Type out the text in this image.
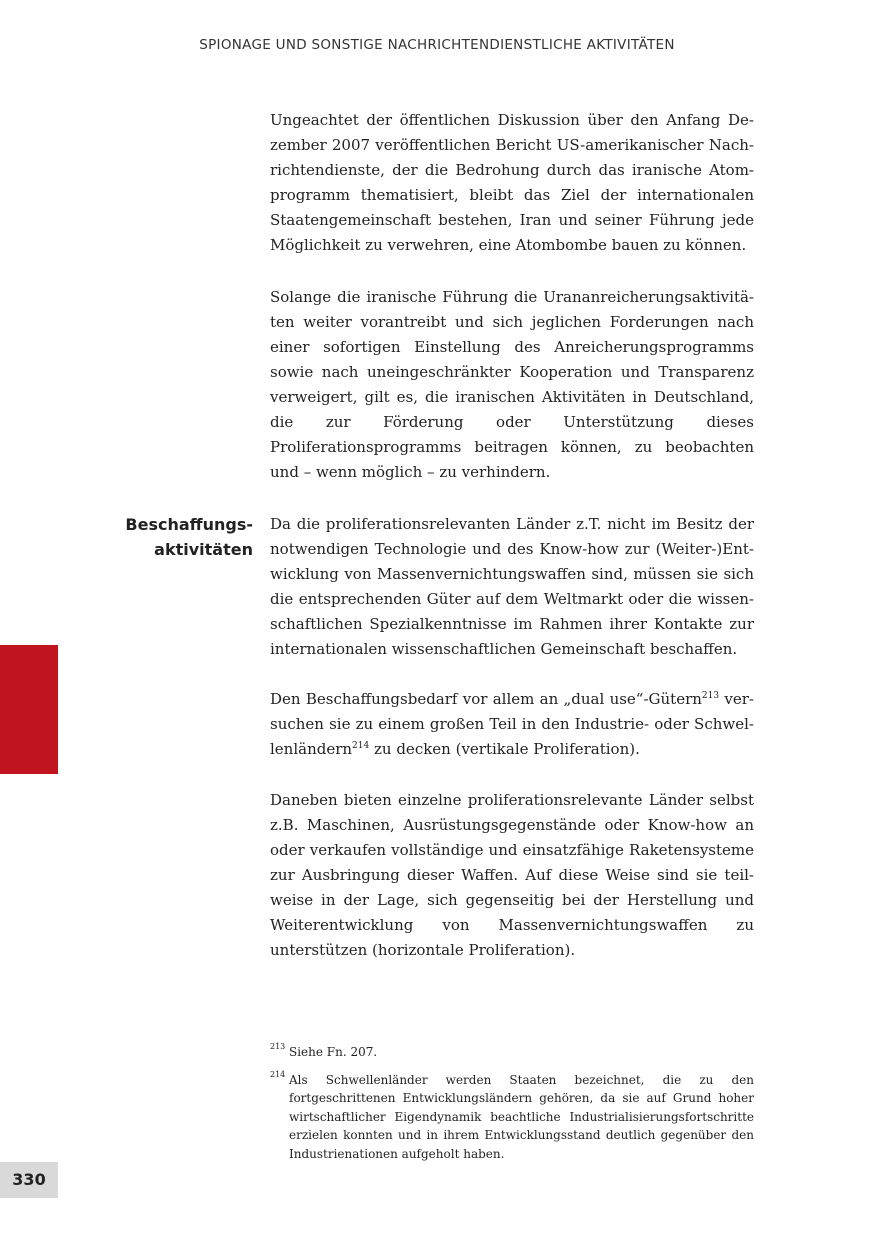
SPIONAGE UND SONSTIGE NACHRICHTENDIENSTLICHE AKTIVITÄTEN

Ungeachtet der öffentlichen Diskussion über den Anfang Dezember 2007 veröffentlichen Bericht US-amerikanischer Nachrichtendienste, der die Bedrohung durch das iranische Atomprogramm thematisiert, bleibt das Ziel der internationalen Staatengemeinschaft bestehen, Iran und seiner Führung jede Möglichkeit zu verwehren, eine Atombombe bauen zu können.

Solange die iranische Führung die Urananreicherungsaktivitäten weiter vorantreibt und sich jeglichen Forderungen nach einer sofortigen Einstellung des Anreicherungsprogramms sowie nach uneingeschränkter Kooperation und Transparenz verweigert, gilt es, die iranischen Aktivitäten in Deutschland, die zur Förderung oder Unterstützung dieses Proliferationsprogramms beitragen können, zu beobachten und – wenn möglich – zu verhindern.

Beschaffungs-
aktivitäten

Da die proliferationsrelevanten Länder z.T. nicht im Besitz der notwendigen Technologie und des Know-how zur (Weiter-)Entwicklung von Massenvernichtungswaffen sind, müssen sie sich die entsprechenden Güter auf dem Weltmarkt oder die wissenschaftlichen Spezialkenntnisse im Rahmen ihrer Kontakte zur internationalen wissenschaftlichen Gemeinschaft beschaffen.

Den Beschaffungsbedarf vor allem an „dual use“-Gütern$^{213}$ versuchen sie zu einem großen Teil in den Industrie- oder Schwellenländern$^{214}$ zu decken (vertikale Proliferation).

Daneben bieten einzelne proliferationsrelevante Länder selbst z.B. Maschinen, Ausrüstungsgegenstände oder Know-how an oder verkaufen vollständige und einsatzfähige Raketensysteme zur Ausbringung dieser Waffen. Auf diese Weise sind sie teilweise in der Lage, sich gegenseitig bei der Herstellung und Weiterentwicklung von Massenvernichtungswaffen zu unterstützen (horizontale Proliferation).

213 Siehe Fn. 207.
214 Als Schwellenländer werden Staaten bezeichnet, die zu den fortgeschrittenen Entwicklungsländern gehören, da sie auf Grund hoher wirtschaftlicher Eigendynamik beachtliche Industrialisierungsfortschritte erzielen konnten und in ihrem Entwicklungsstand deutlich gegenüber den Industrienationen aufgeholt haben.
330
